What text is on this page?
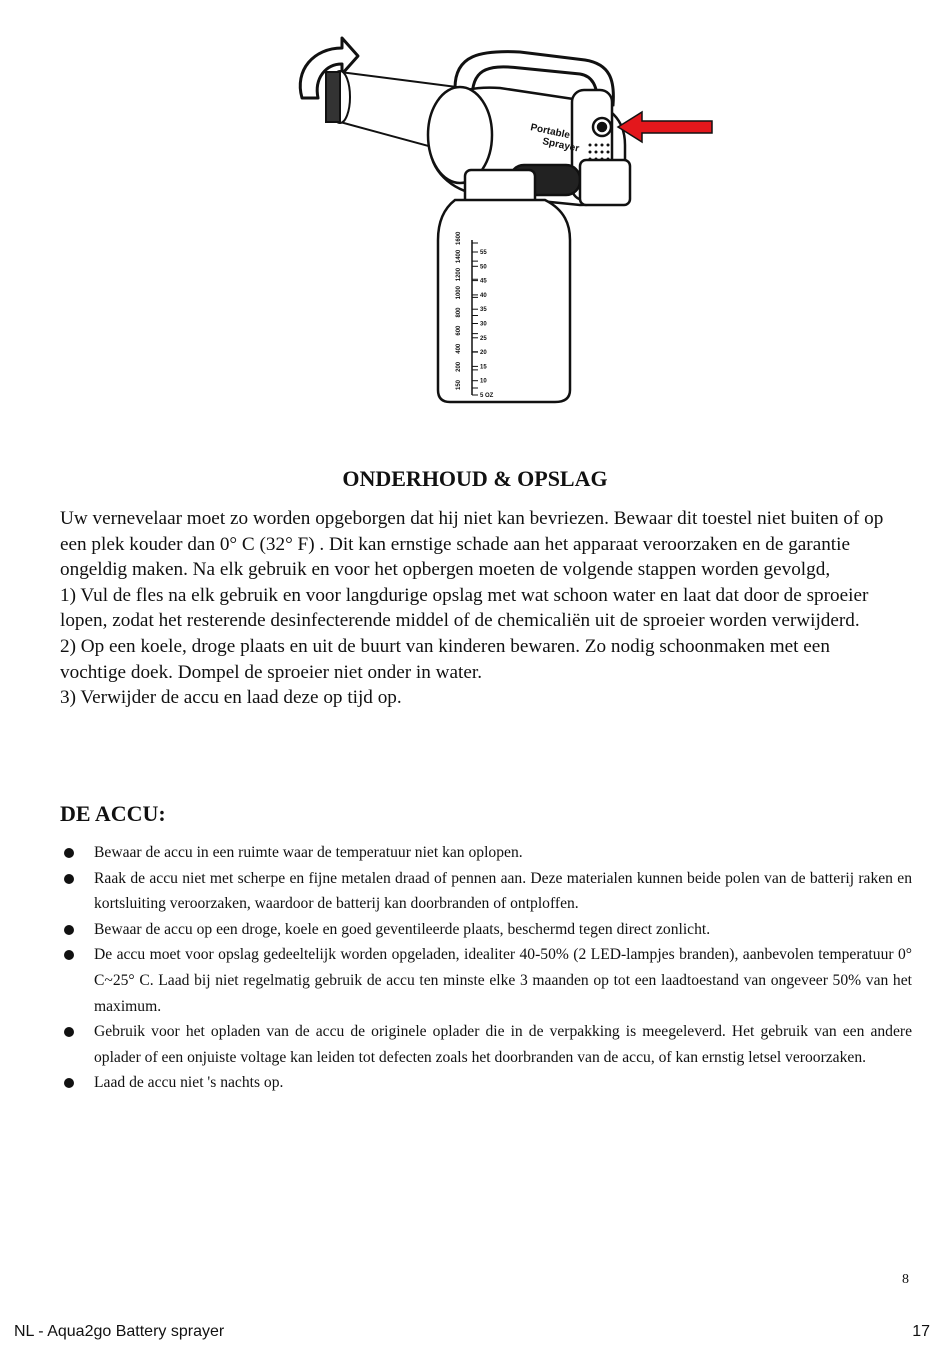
Portable
Sprayer
1600
1400
1200
1000
800
600
400
200
150
55
50
45
40
35
30
25
20
15
10
5 OZ
ONDERHOUD & OPSLAG

Uw vernevelaar moet zo worden opgeborgen dat hij niet kan bevriezen. Bewaar dit toestel niet buiten of op een plek kouder dan 0° C (32° F) . Dit kan ernstige schade aan het apparaat veroorzaken en de garantie ongeldig maken. Na elk gebruik en voor het opbergen moeten de volgende stappen worden gevolgd,

1) Vul de fles na elk gebruik en voor langdurige opslag met wat schoon water en laat dat door de sproeier lopen, zodat het resterende desinfecterende middel of de chemicaliën uit de sproeier worden verwijderd.

2) Op een koele, droge plaats en uit de buurt van kinderen bewaren. Zo nodig schoonmaken met een vochtige doek. Dompel de sproeier niet onder in water.

3) Verwijder de accu en laad deze op tijd op.

DE ACCU:
Bewaar de accu in een ruimte waar de temperatuur niet kan oplopen.
Raak de accu niet met scherpe en fijne metalen draad of pennen aan. Deze materialen kunnen beide polen van de batterij raken en kortsluiting veroorzaken, waardoor de batterij kan doorbranden of ontploffen.
Bewaar de accu op een droge, koele en goed geventileerde plaats, beschermd tegen direct zonlicht.
De accu moet voor opslag gedeeltelijk worden opgeladen, idealiter 40-50% (2 LED-lampjes branden), aanbevolen temperatuur 0° C~25° C. Laad bij niet regelmatig gebruik de accu ten minste elke 3 maanden op tot een laadtoestand van ongeveer 50% van het maximum.
Gebruik voor het opladen van de accu de originele oplader die in de verpakking is meegeleverd. Het gebruik van een andere oplader of een onjuiste voltage kan leiden tot defecten zoals het doorbranden van de accu, of kan ernstig letsel veroorzaken.
Laad de accu niet 's nachts op.
8
NL - Aqua2go Battery sprayer	17
